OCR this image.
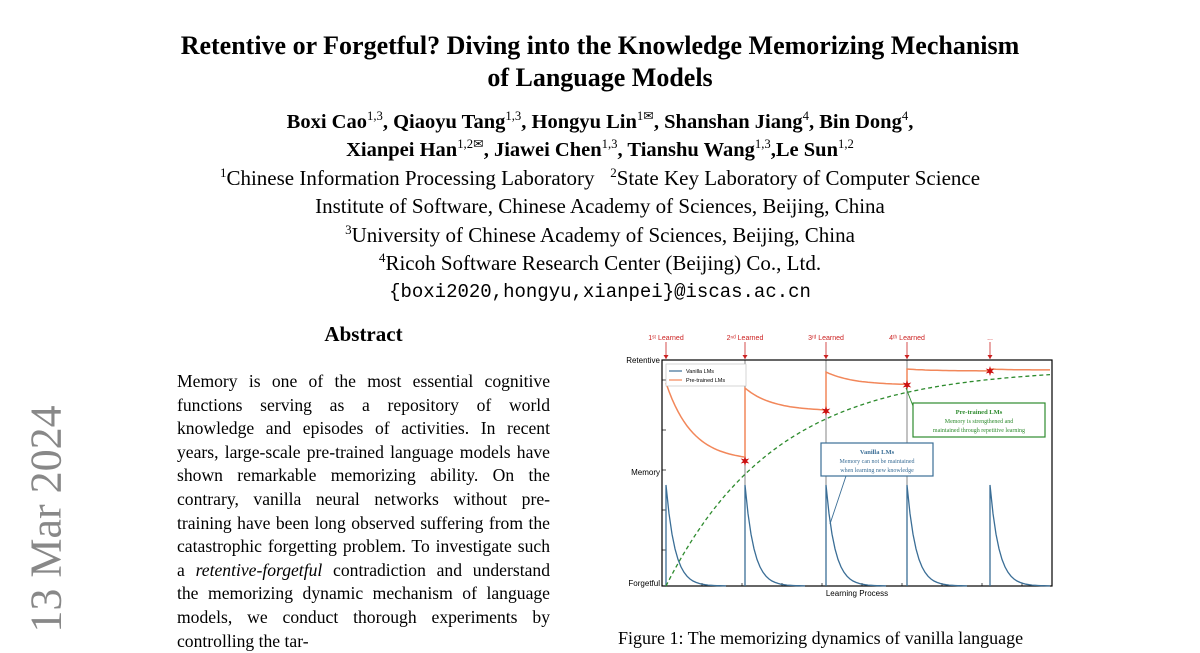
13 Mar 2024
Retentive or Forgetful? Diving into the Knowledge Memorizing Mechanism
of Language Models
Boxi Cao$^{1,3}$, Qiaoyu Tang$^{1,3}$, Hongyu Lin$^{1✉}$, Shanshan Jiang$^4$, Bin Dong$^4$,
Xianpei Han$^{1,2✉}$, Jiawei Chen$^{1,3}$, Tianshu Wang$^{1,3}$,Le Sun$^{1,2}$
$^1$Chinese Information Processing Laboratory $^2$State Key Laboratory of Computer Science
Institute of Software, Chinese Academy of Sciences, Beijing, China
$^3$University of Chinese Academy of Sciences, Beijing, China
$^4$Ricoh Software Research Center (Beijing) Co., Ltd.
{boxi2020,hongyu,xianpei}@iscas.ac.cn
Abstract
Memory is one of the most essential cognitive functions serving as a repository of world knowledge and episodes of activities. In recent years, large-scale pre-trained language models have shown remarkable memorizing ability. On the contrary, vanilla neural networks without pre-training have been long observed suffering from the catastrophic forgetting problem. To investigate such a retentive-forgetful contradiction and understand the memorizing dynamic mechanism of language models, we conduct thorough experiments by controlling the tar-
1ˢᵗ Learned	2ⁿᵈ Learned	3ʳᵈ Learned	4ᵗʰ Learned	...
Retentive
Memory
Forgetful
Learning Process
Vanilla LMs
Pre-trained LMs
Pre-trained LMs
Memory is strengthened and
maintained through repetitive learning
Vanilla LMs
Memory can not be maintained
when learning new knowledge
Figure 1: The memorizing dynamics of vanilla language
